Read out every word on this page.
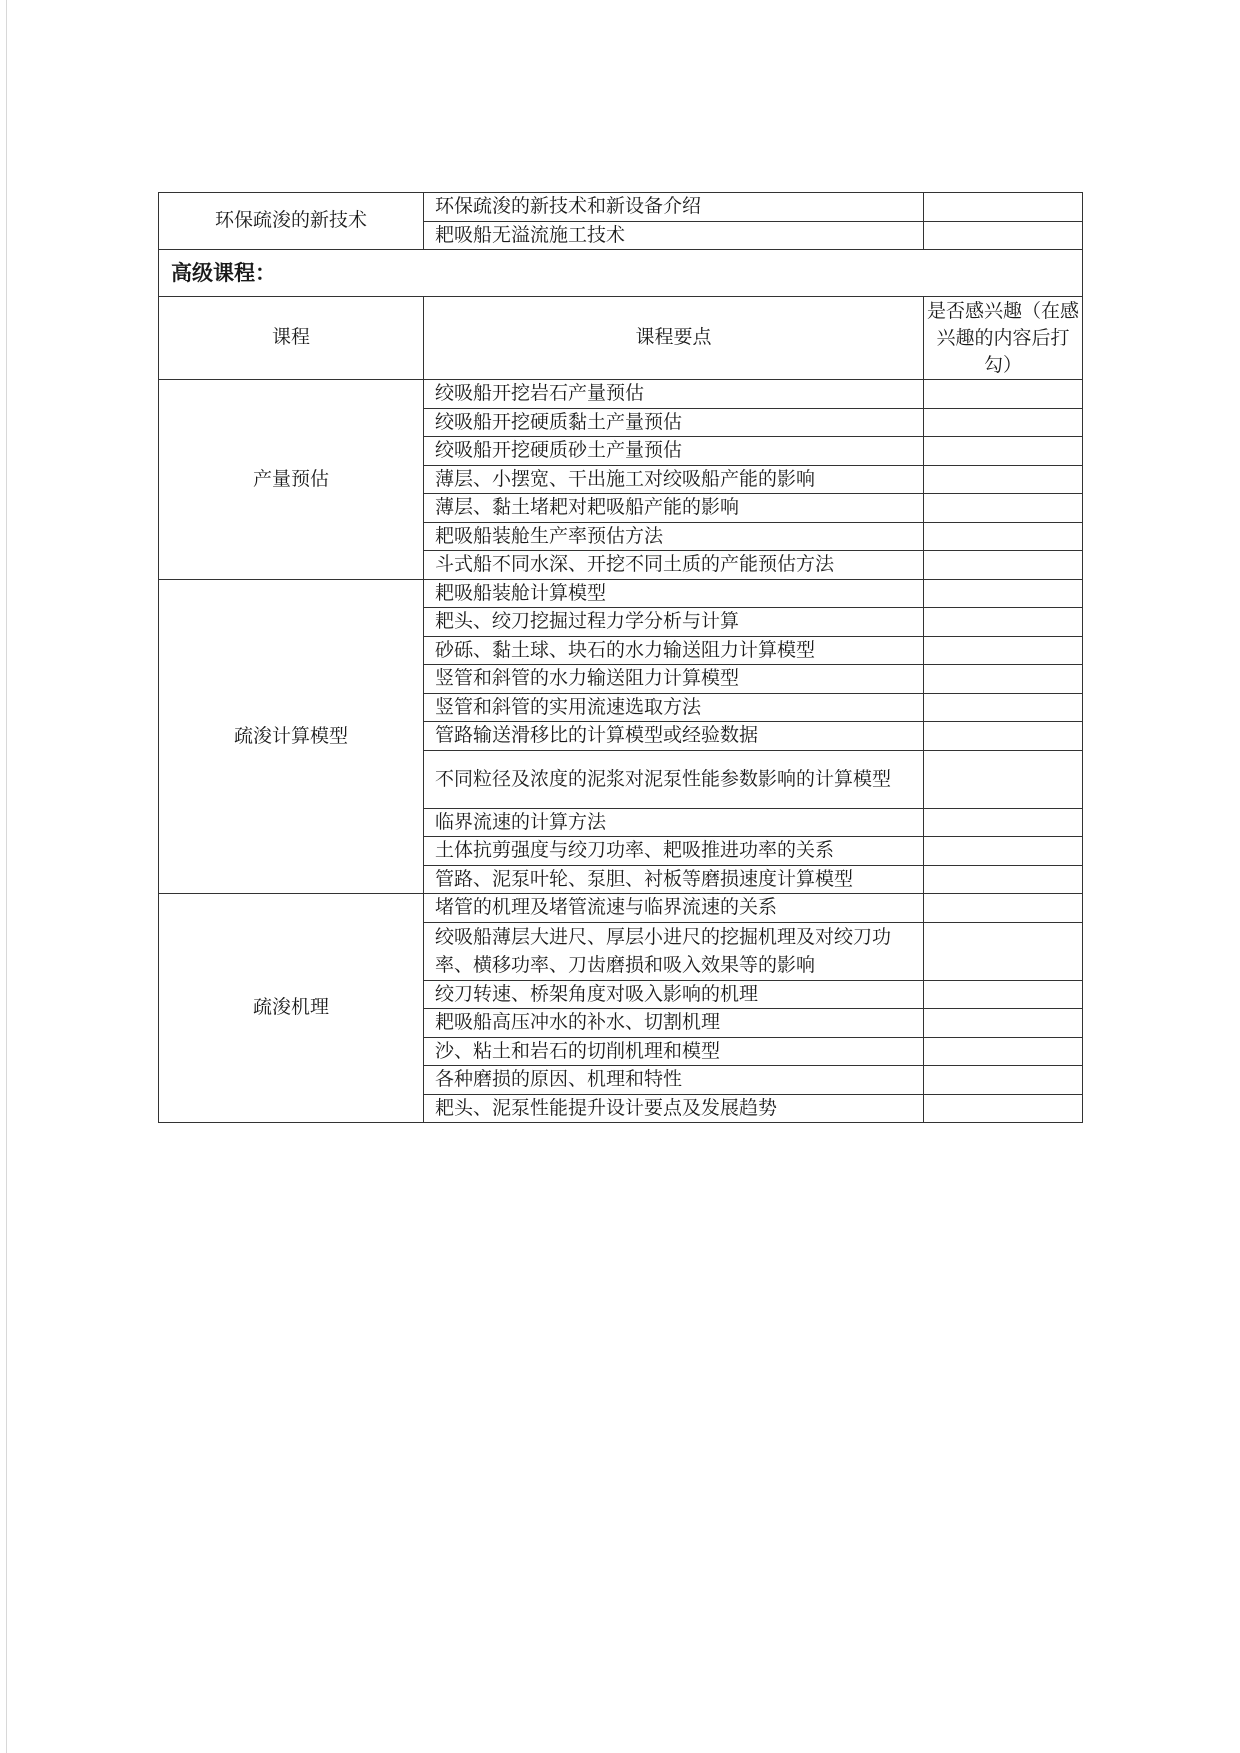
环保疏浚的新技术	环保疏浚的新技术和新设备介绍	
	耙吸船无溢流施工技术	
高级课程：		
课程	课程要点	是否感兴趣（在感兴趣的内容后打勾）
产量预估	绞吸船开挖岩石产量预估	
	绞吸船开挖硬质黏土产量预估	
	绞吸船开挖硬质砂土产量预估	
	薄层、小摆宽、干出施工对绞吸船产能的影响	
	薄层、黏土堵耙对耙吸船产能的影响	
	耙吸船装舱生产率预估方法	
	斗式船不同水深、开挖不同土质的产能预估方法	
疏浚计算模型	耙吸船装舱计算模型	
	耙头、绞刀挖掘过程力学分析与计算	
	砂砾、黏土球、块石的水力输送阻力计算模型	
	竖管和斜管的水力输送阻力计算模型	
	竖管和斜管的实用流速选取方法	
	管路输送滑移比的计算模型或经验数据	
	不同粒径及浓度的泥浆对泥泵性能参数影响的计算模型	
	临界流速的计算方法	
	土体抗剪强度与绞刀功率、耙吸推进功率的关系	
	管路、泥泵叶轮、泵胆、衬板等磨损速度计算模型	
疏浚机理	堵管的机理及堵管流速与临界流速的关系	
	绞吸船薄层大进尺、厚层小进尺的挖掘机理及对绞刀功率、横移功率、刀齿磨损和吸入效果等的影响	
	绞刀转速、桥架角度对吸入影响的机理	
	耙吸船高压冲水的补水、切割机理	
	沙、粘土和岩石的切削机理和模型	
	各种磨损的原因、机理和特性	
	耙头、泥泵性能提升设计要点及发展趋势	
